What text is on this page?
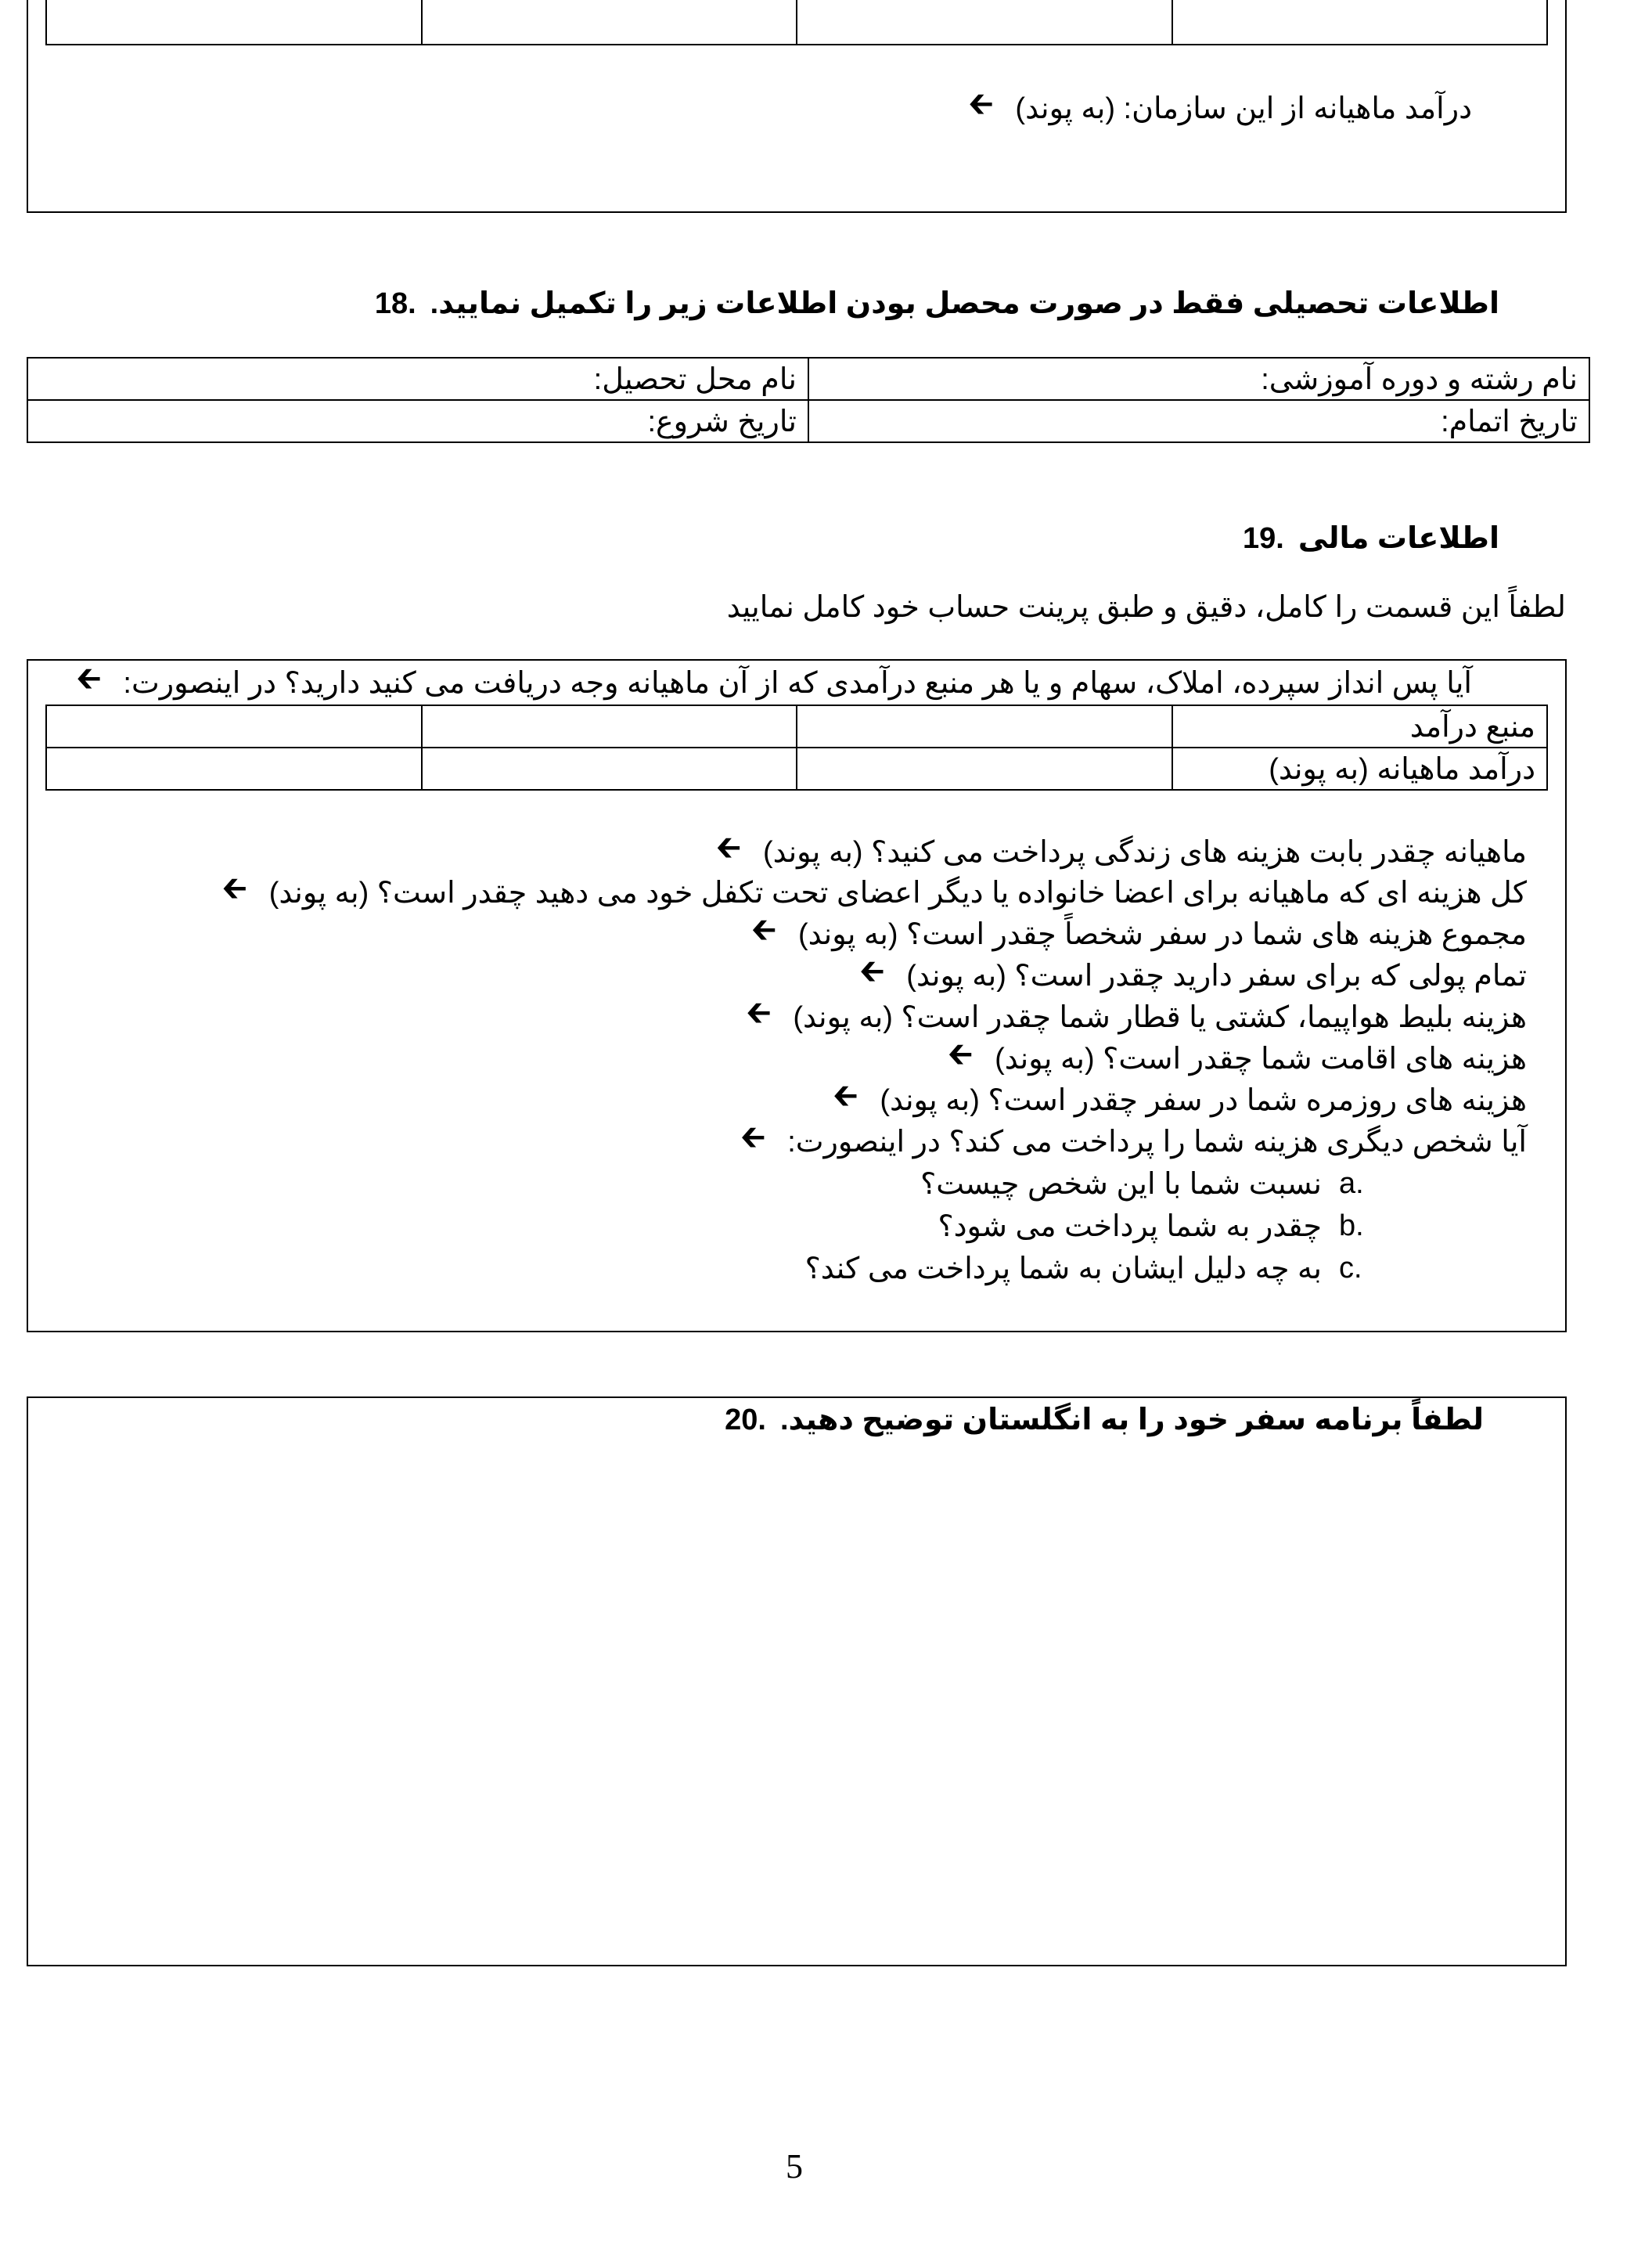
🡰 درآمد ماهیانه از این سازمان: (به پوند)
18. اطلاعات تحصیلی فقط در صورت محصل بودن اطلاعات زیر را تکمیل نمایید.
نام محل تحصیل:	نام رشته و دوره آموزشی:
تاریخ شروع:	تاریخ اتمام:
19. اطلاعات مالی
لطفاً این قسمت را کامل، دقیق و طبق پرینت حساب خود کامل نمایید
🡰 آیا پس انداز سپرده، املاک، سهام و یا هر منبع درآمدی که از آن ماهیانه وجه دریافت می کنید دارید؟ در اینصورت:
			منبع درآمد
			درآمد ماهیانه (به پوند)
🡰 ماهیانه چقدر بابت هزینه های زندگی پرداخت می کنید؟ (به پوند)
🡰 کل هزینه ای که ماهیانه برای اعضا خانواده یا دیگر اعضای تحت تکفل خود می دهید چقدر است؟ (به پوند)
🡰 مجموع هزینه های شما در سفر شخصاً چقدر است؟ (به پوند)
🡰 تمام پولی که برای سفر دارید چقدر است؟ (به پوند)
🡰 هزینه بلیط هواپیما، کشتی یا قطار شما چقدر است؟ (به پوند)
🡰 هزینه های اقامت شما چقدر است؟ (به پوند)
🡰 هزینه های روزمره شما در سفر چقدر است؟ (به پوند)
🡰 آیا شخص دیگری هزینه شما را پرداخت می کند؟ در اینصورت:
a.
نسبت شما با این شخص چیست؟
b.
چقدر به شما پرداخت می شود؟
c.
به چه دلیل ایشان به شما پرداخت می کند؟
20. لطفاً برنامه سفر خود را به انگلستان توضیح دهید.
5
